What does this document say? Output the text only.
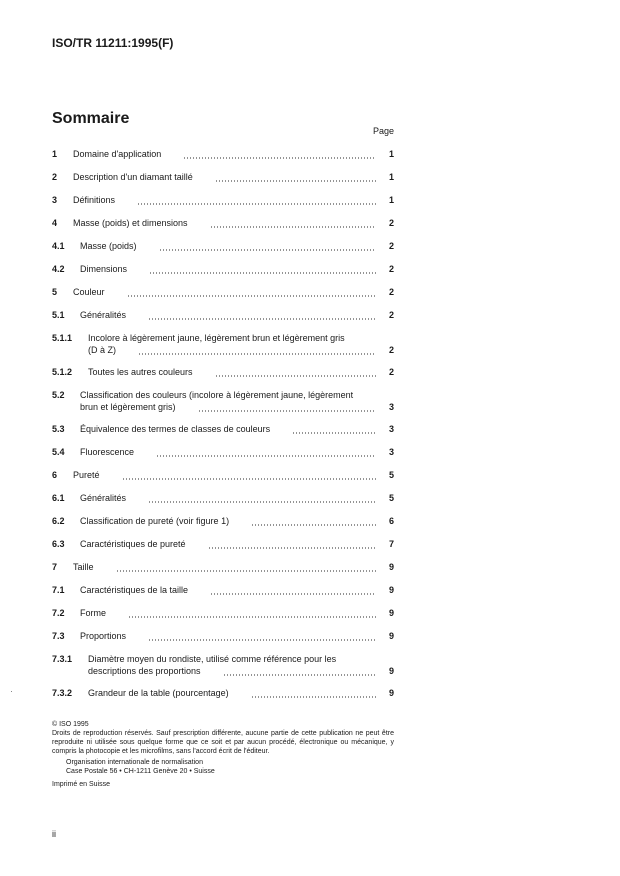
ISO/TR 11211:1995(F)
Sommaire
Page
1 Domaine d'application	1
2 Description d'un diamant taillé	1
3 Définitions	1
4 Masse (poids) et dimensions	2
4.1 Masse (poids)	2
4.2 Dimensions	2
5 Couleur	2
5.1 Généralités	2
5.1.1 Incolore à légèrement jaune, légèrement brun et légèrement gris
(D à Z)	2
5.1.2 Toutes les autres couleurs	2
5.2 Classification des couleurs (incolore à légèrement jaune, légèrement
brun et légèrement gris)	3
5.3 Équivalence des termes de classes de couleurs	3
5.4 Fluorescence	3
6 Pureté	5
6.1 Généralités	5
6.2 Classification de pureté (voir figure 1)	6
6.3 Caractéristiques de pureté	7
7 Taille	9
7.1 Caractéristiques de la taille	9
7.2 Forme	9
7.3 Proportions	9
7.3.1 Diamètre moyen du rondiste, utilisé comme référence pour les
descriptions des proportions	9
7.3.2 Grandeur de la table (pourcentage)	9

© ISO 1995

Droits de reproduction réservés. Sauf prescription différente, aucune partie de cette publication ne peut être reproduite ni utilisée sous quelque forme que ce soit et par aucun procédé, électronique ou mécanique, y compris la photocopie et les microfilms, sans l'accord écrit de l'éditeur.

Organisation internationale de normalisation

Case Postale 56 • CH-1211 Genève 20 • Suisse

Imprimé en Suisse

ii
